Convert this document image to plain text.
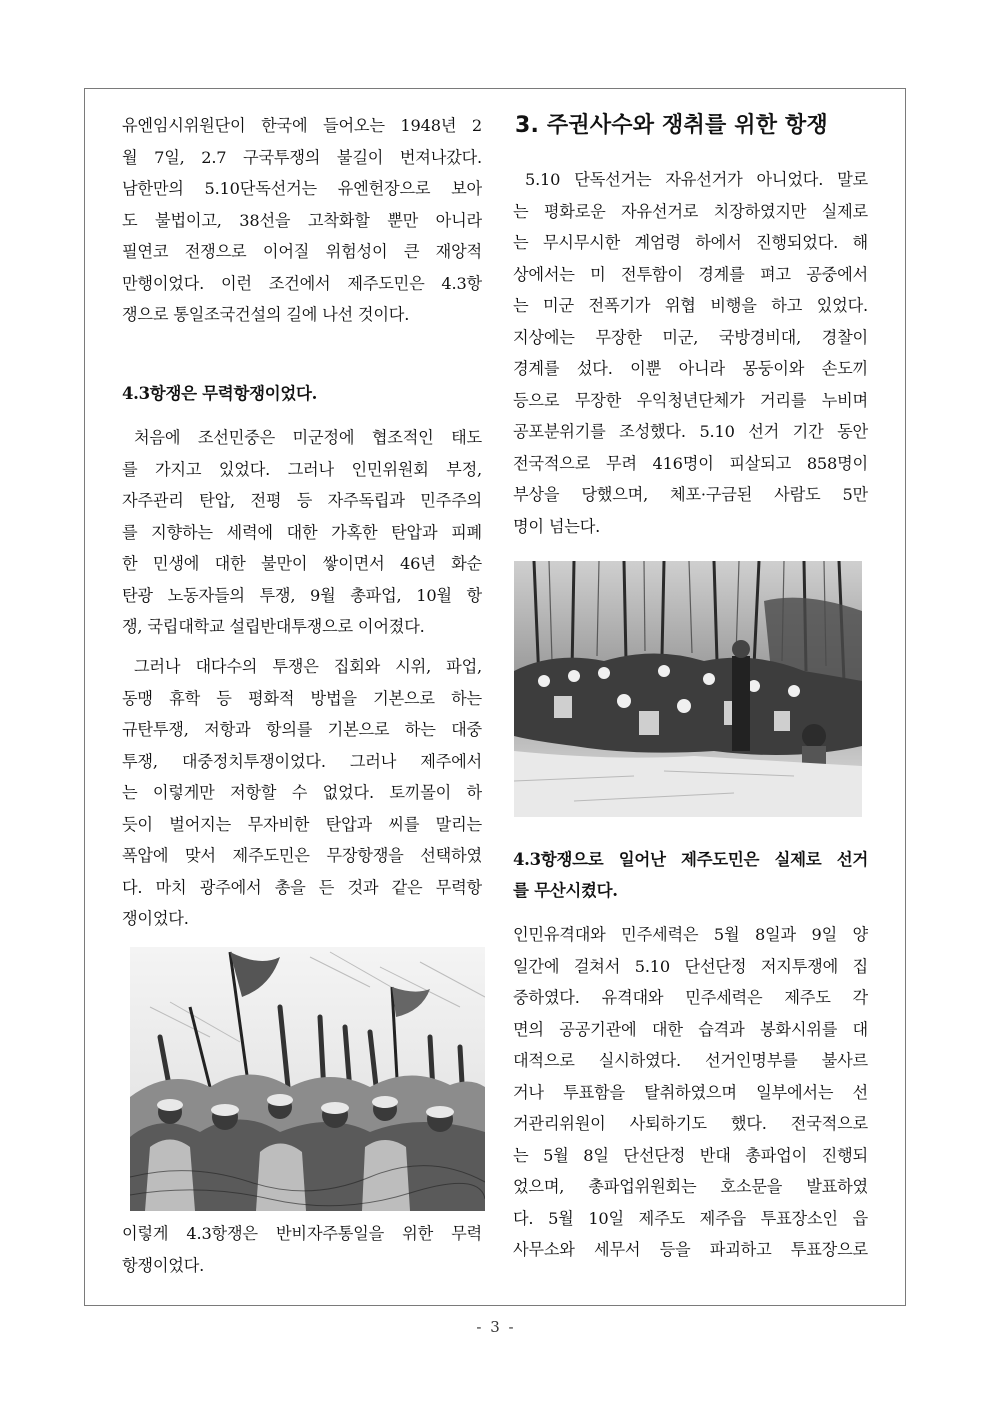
유엔임시위원단이 한국에 들어오는 1948년 2

월 7일, 2.7 구국투쟁의 불길이 번져나갔다.

남한만의 5.10단독선거는 유엔헌장으로 보아

도 불법이고, 38선을 고착화할 뿐만 아니라

필연코 전쟁으로 이어질 위험성이 큰 재앙적

만행이었다. 이런 조건에서 제주도민은 4.3항

쟁으로 통일조국건설의 길에 나선 것이다.

4.3항쟁은 무력항쟁이었다.

처음에 조선민중은 미군정에 협조적인 태도

를 가지고 있었다. 그러나 인민위원회 부정,

자주관리 탄압, 전평 등 자주독립과 민주주의

를 지향하는 세력에 대한 가혹한 탄압과 피폐

한 민생에 대한 불만이 쌓이면서 46년 화순

탄광 노동자들의 투쟁, 9월 총파업, 10월 항

쟁, 국립대학교 설립반대투쟁으로 이어졌다.

그러나 대다수의 투쟁은 집회와 시위, 파업,

동맹 휴학 등 평화적 방법을 기본으로 하는

규탄투쟁, 저항과 항의를 기본으로 하는 대중

투쟁, 대중정치투쟁이었다. 그러나 제주에서

는 이렇게만 저항할 수 없었다. 토끼몰이 하

듯이 벌어지는 무자비한 탄압과 씨를 말리는

폭압에 맞서 제주도민은 무장항쟁을 선택하였

다. 마치 광주에서 총을 든 것과 같은 무력항

쟁이었다.

이렇게 4.3항쟁은 반비자주통일을 위한 무력

항쟁이었다.

3. 주권사수와 쟁취를 위한 항쟁

5.10 단독선거는 자유선거가 아니었다. 말로

는 평화로운 자유선거로 치장하였지만 실제로

는 무시무시한 계엄령 하에서 진행되었다. 해

상에서는 미 전투함이 경계를 펴고 공중에서

는 미군 전폭기가 위협 비행을 하고 있었다.

지상에는 무장한 미군, 국방경비대, 경찰이

경계를 섰다. 이뿐 아니라 몽둥이와 손도끼

등으로 무장한 우익청년단체가 거리를 누비며

공포분위기를 조성했다. 5.10 선거 기간 동안

전국적으로 무려 416명이 피살되고 858명이

부상을 당했으며, 체포·구금된 사람도 5만

명이 넘는다.

4.3항쟁으로 일어난 제주도민은 실제로 선거
를 무산시켰다.

인민유격대와 민주세력은 5월 8일과 9일 양

일간에 걸쳐서 5.10 단선단정 저지투쟁에 집

중하였다. 유격대와 민주세력은 제주도 각

면의 공공기관에 대한 습격과 봉화시위를 대

대적으로 실시하였다. 선거인명부를 불사르

거나 투표함을 탈취하였으며 일부에서는 선

거관리위원이 사퇴하기도 했다. 전국적으로

는 5월 8일 단선단정 반대 총파업이 진행되

었으며, 총파업위원회는 호소문을 발표하였

다. 5월 10일 제주도 제주읍 투표장소인 읍

사무소와 세무서 등을 파괴하고 투표장으로

- 3 -
